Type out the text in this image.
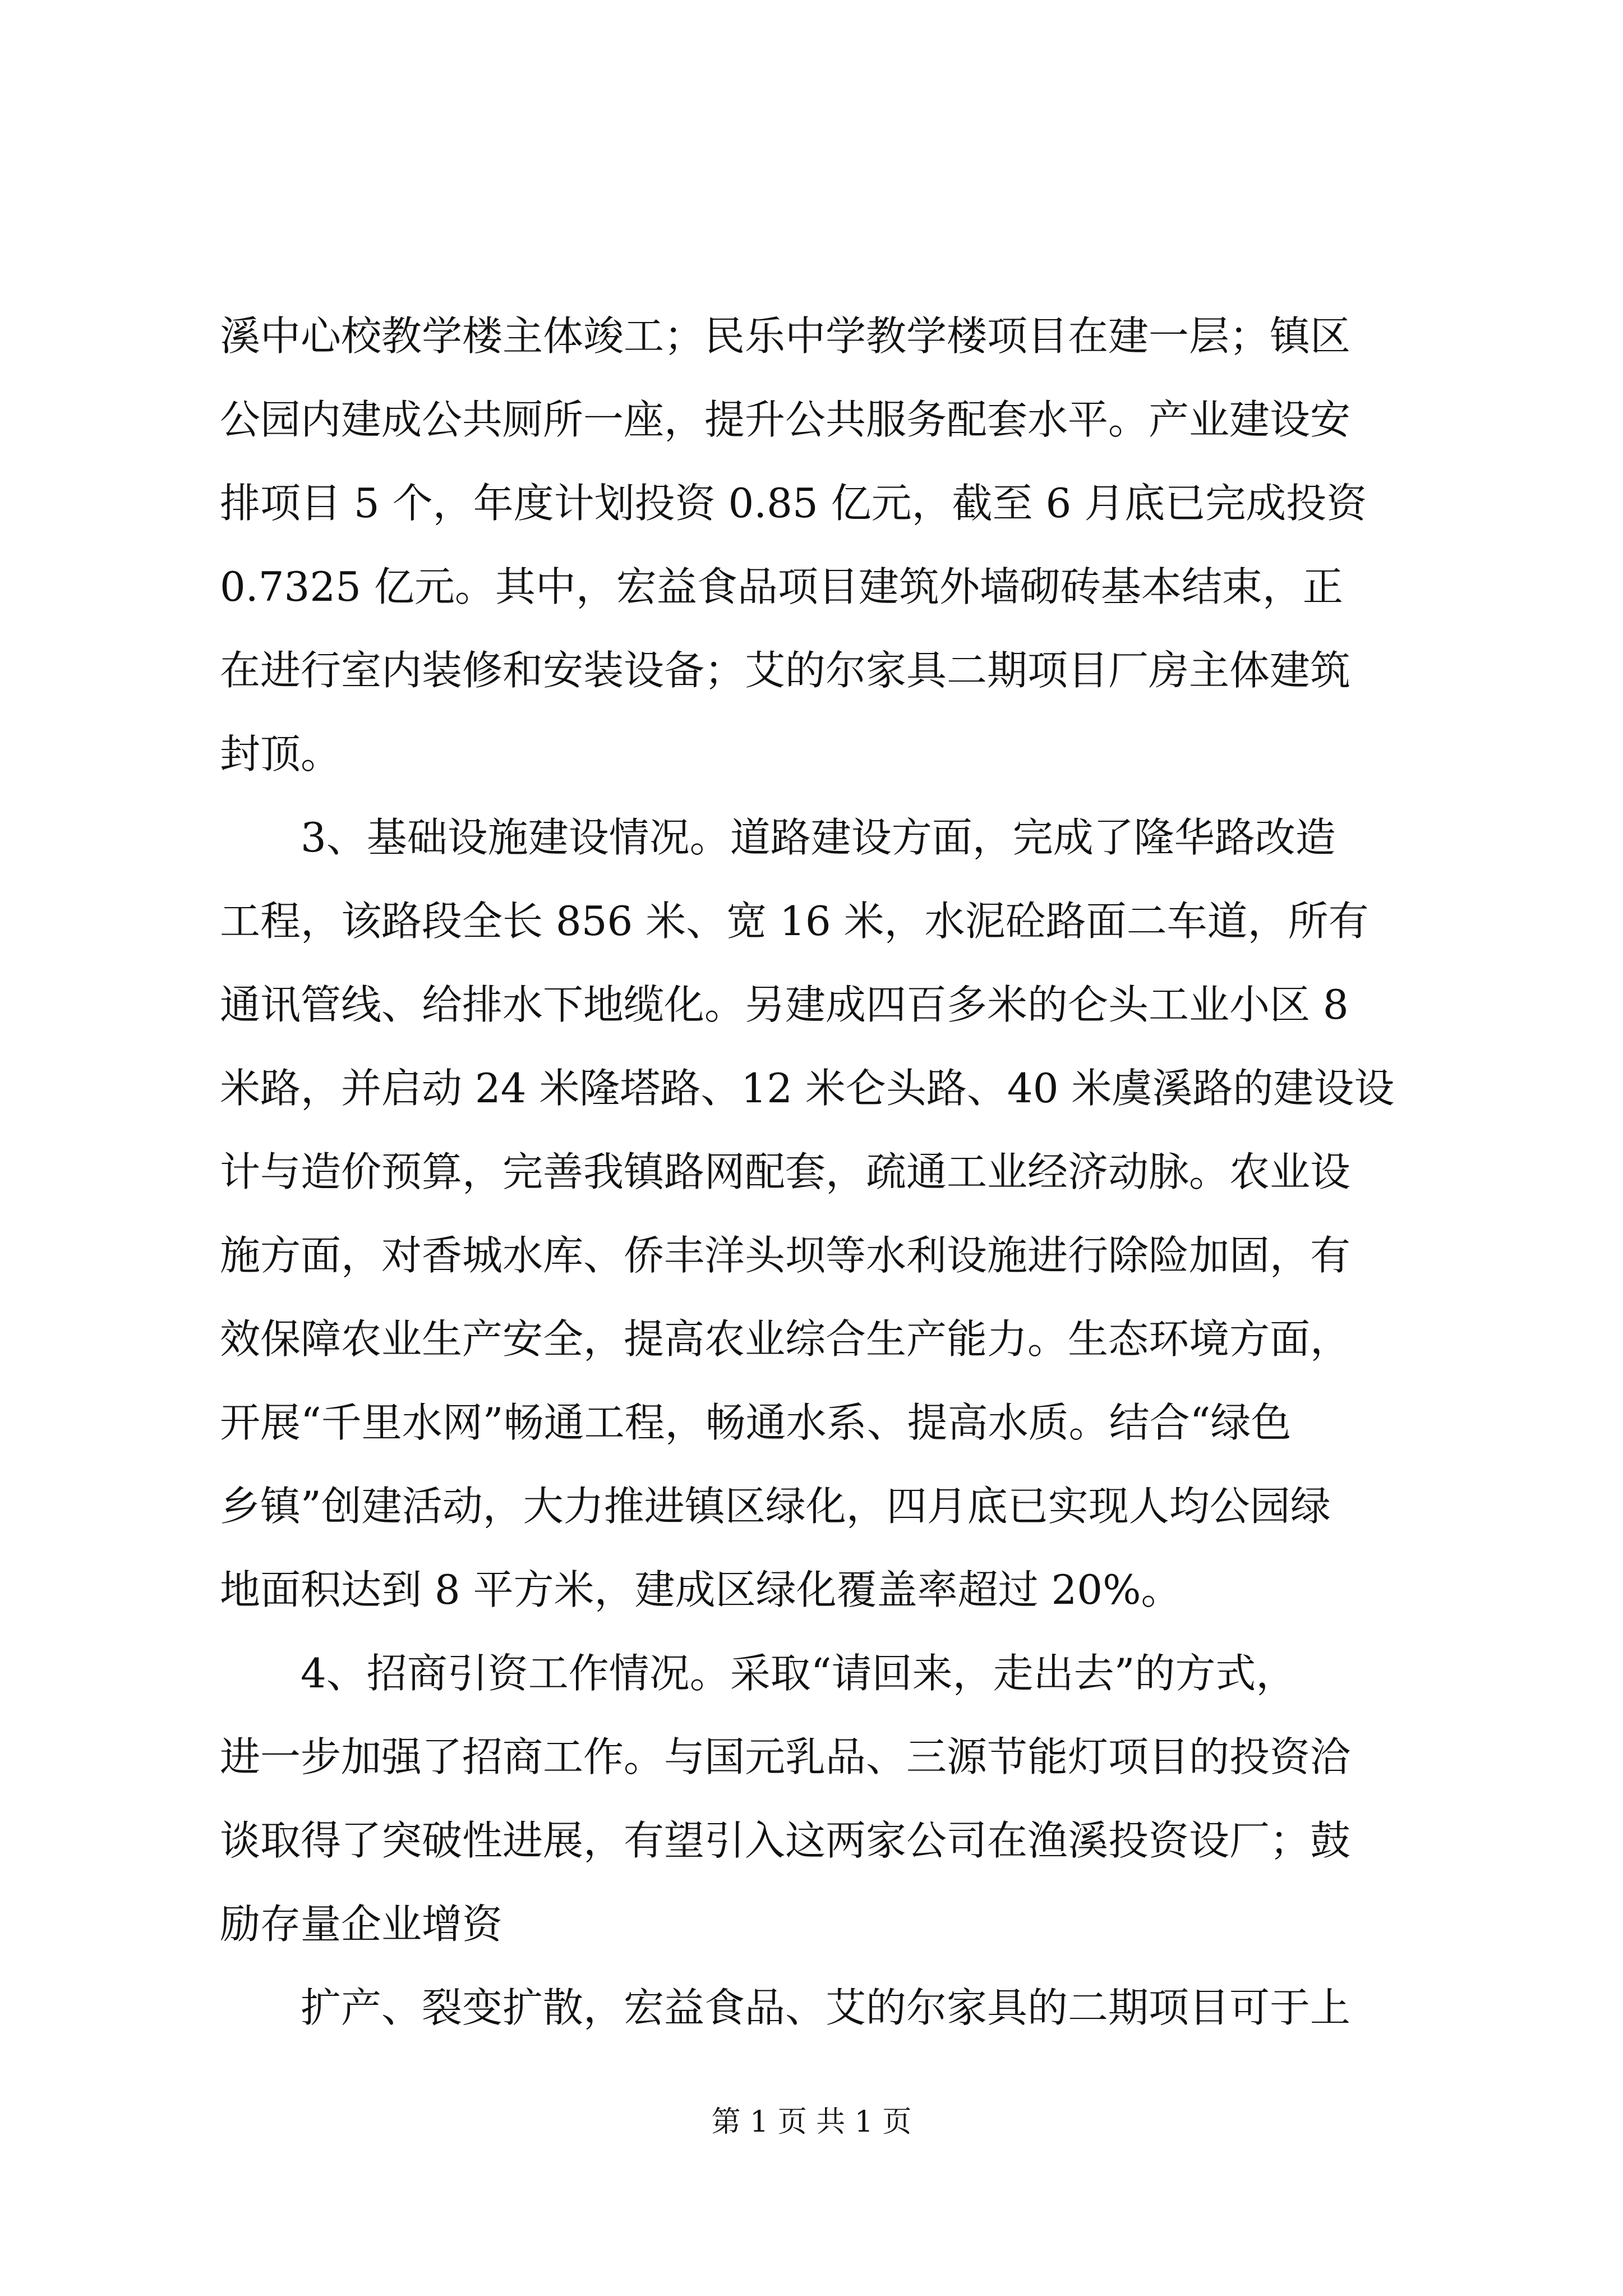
溪中心校教学楼主体竣工；民乐中学教学楼项目在建一层；镇区
公园内建成公共厕所一座，提升公共服务配套水平。产业建设安
排项目 5 个，年度计划投资 0.85 亿元，截至 6 月底已完成投资
0.7325 亿元。其中，宏益食品项目建筑外墙砌砖基本结束，正
在进行室内装修和安装设备；艾的尔家具二期项目厂房主体建筑
封顶。
3、基础设施建设情况。道路建设方面，完成了隆华路改造
工程，该路段全长 856 米、宽 16 米，水泥砼路面二车道，所有
通讯管线、给排水下地缆化。另建成四百多米的仑头工业小区 8
米路，并启动 24 米隆塔路、12 米仑头路、40 米虞溪路的建设设
计与造价预算，完善我镇路网配套，疏通工业经济动脉。农业设
施方面，对香城水库、侨丰洋头坝等水利设施进行除险加固，有
效保障农业生产安全，提高农业综合生产能力。生态环境方面，
开展“千里水网”畅通工程，畅通水系、提高水质。结合“绿色
乡镇”创建活动，大力推进镇区绿化，四月底已实现人均公园绿
地面积达到 8 平方米，建成区绿化覆盖率超过 20%。
4、招商引资工作情况。采取“请回来，走出去”的方式，
进一步加强了招商工作。与国元乳品、三源节能灯项目的投资洽
谈取得了突破性进展，有望引入这两家公司在渔溪投资设厂；鼓
励存量企业增资
扩产、裂变扩散，宏益食品、艾的尔家具的二期项目可于上
第 1 页 共 1 页
